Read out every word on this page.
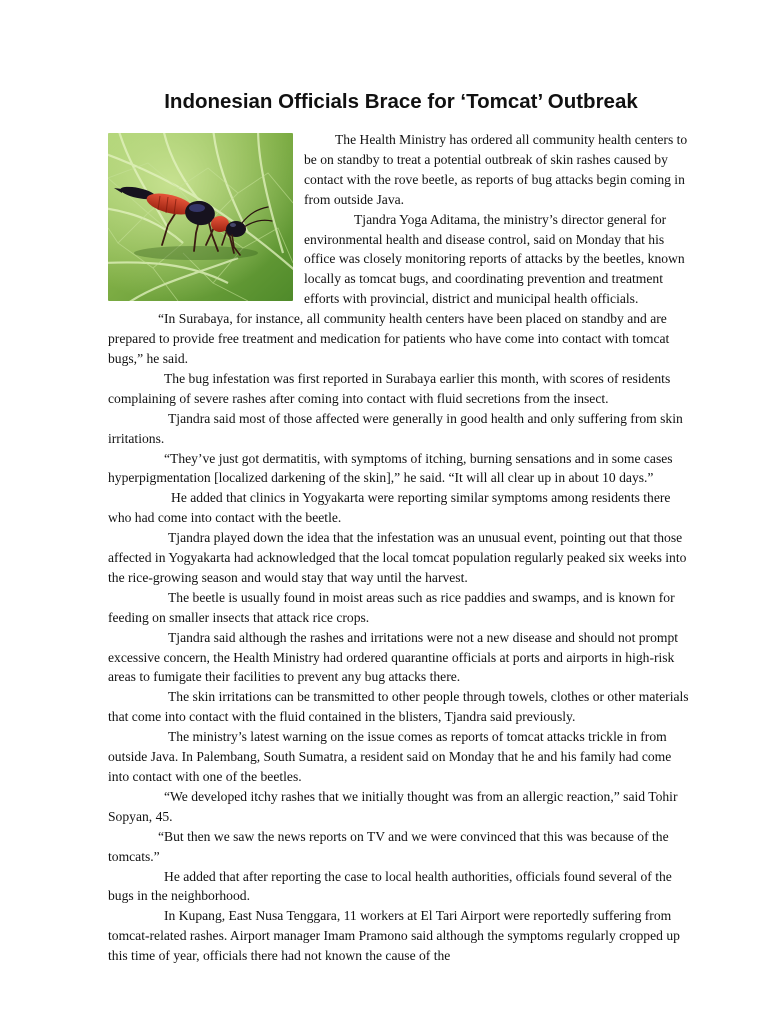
Indonesian Officials Brace for ‘Tomcat’ Outbreak

The Health Ministry has ordered all community health centers to be on standby to treat a potential outbreak of skin rashes caused by contact with the rove beetle, as reports of bug attacks begin coming in from outside Java.

Tjandra Yoga Aditama, the ministry’s director general for environmental health and disease control, said on Monday that his office was closely monitoring reports of attacks by the beetles, known locally as tomcat bugs, and coordinating prevention and treatment efforts with provincial, district and municipal health officials.

“In Surabaya, for instance, all community health centers have been placed on standby and are prepared to provide free treatment and medication for patients who have come into contact with tomcat bugs,” he said.

The bug infestation was first reported in Surabaya earlier this month, with scores of residents complaining of severe rashes after coming into contact with fluid secretions from the insect.

Tjandra said most of those affected were generally in good health and only suffering from skin irritations.

“They’ve just got dermatitis, with symptoms of itching, burning sensations and in some cases hyperpigmentation [localized darkening of the skin],” he said. “It will all clear up in about 10 days.”

He added that clinics in Yogyakarta were reporting similar symptoms among residents there who had come into contact with the beetle.

Tjandra played down the idea that the infestation was an unusual event, pointing out that those affected in Yogyakarta had acknowledged that the local tomcat population regularly peaked six weeks into the rice-growing season and would stay that way until the harvest.

The beetle is usually found in moist areas such as rice paddies and swamps, and is known for feeding on smaller insects that attack rice crops.

Tjandra said although the rashes and irritations were not a new disease and should not prompt excessive concern, the Health Ministry had ordered quarantine officials at ports and airports in high-risk areas to fumigate their facilities to prevent any bug attacks there.

The skin irritations can be transmitted to other people through towels, clothes or other materials that come into contact with the fluid contained in the blisters, Tjandra said previously.

The ministry’s latest warning on the issue comes as reports of tomcat attacks trickle in from outside Java. In Palembang, South Sumatra, a resident said on Monday that he and his family had come into contact with one of the beetles.

“We developed itchy rashes that we initially thought was from an allergic reaction,” said Tohir Sopyan, 45.

“But then we saw the news reports on TV and we were convinced that this was because of the tomcats.”

He added that after reporting the case to local health authorities, officials found several of the bugs in the neighborhood.

In Kupang, East Nusa Tenggara, 11 workers at El Tari Airport were reportedly suffering from tomcat-related rashes. Airport manager Imam Pramono said although the symptoms regularly cropped up this time of year, officials there had not known the cause of the
